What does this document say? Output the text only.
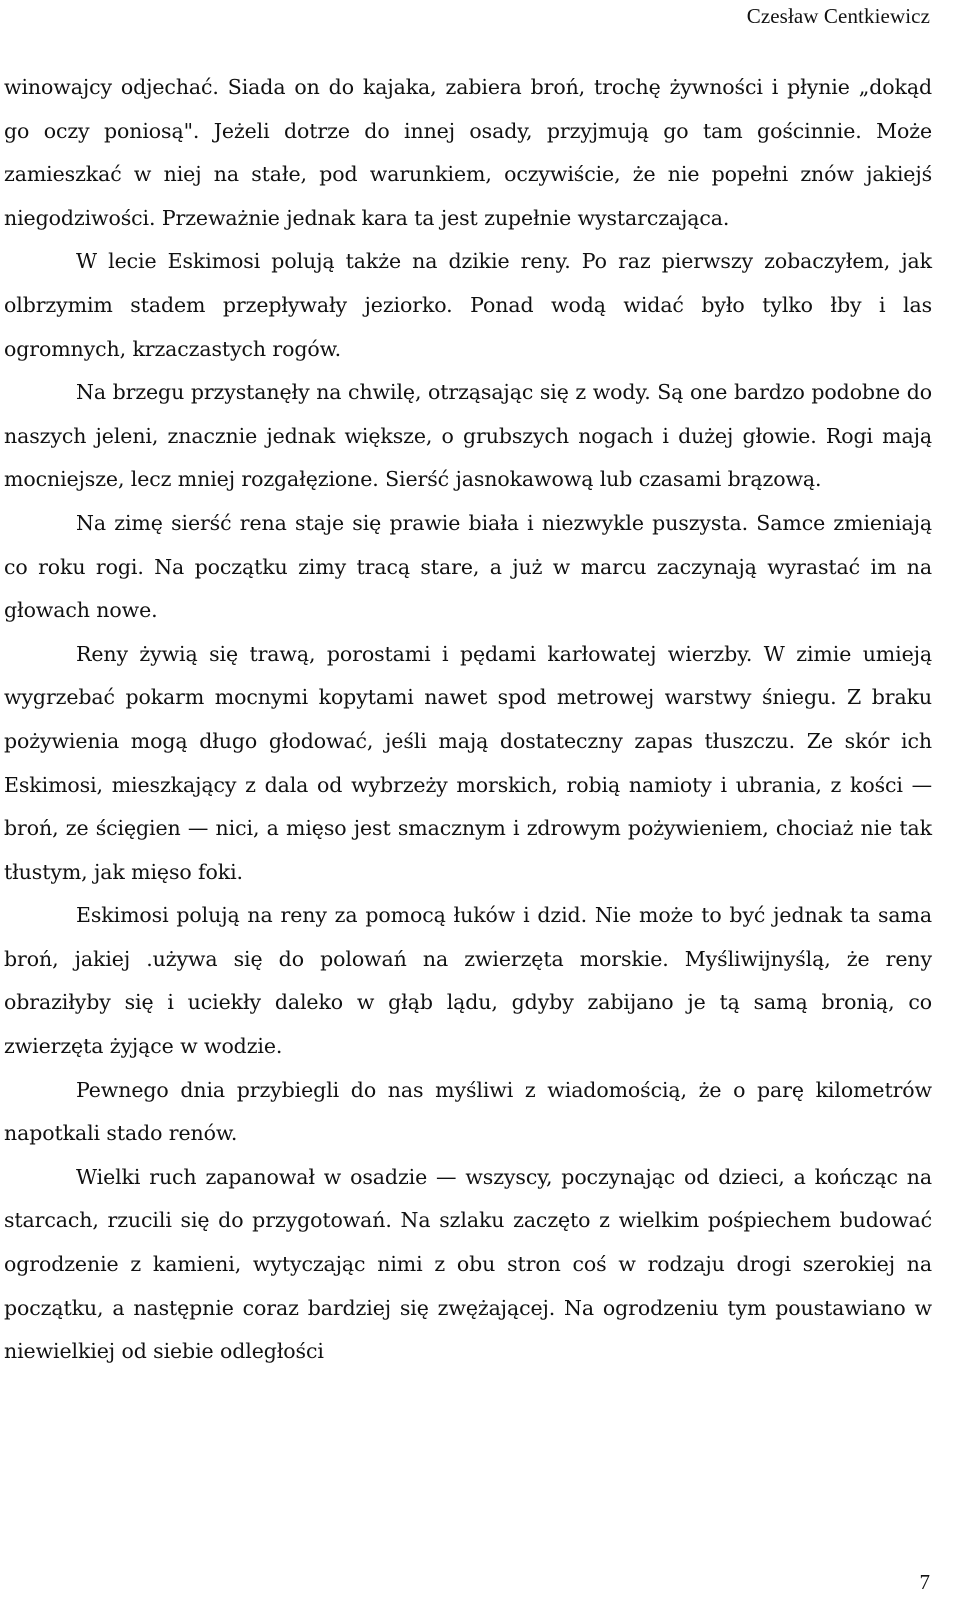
Czesław Centkiewicz

winowajcy odjechać. Siada on do kajaka, zabiera broń, trochę żywności i płynie „dokąd go oczy poniosą". Jeżeli dotrze do innej osady, przyjmują go tam gościnnie. Może zamieszkać w niej na stałe, pod warunkiem, oczywiście, że nie popełni znów jakiejś niegodziwości. Przeważnie jednak kara ta jest zupełnie wystarczająca.

W lecie Eskimosi polują także na dzikie reny. Po raz pierwszy zobaczyłem, jak olbrzymim stadem przepływały jeziorko. Ponad wodą widać było tylko łby i las ogromnych, krzaczastych rogów.

Na brzegu przystanęły na chwilę, otrząsając się z wody. Są one bardzo podobne do naszych jeleni, znacznie jednak większe, o grubszych nogach i dużej głowie. Rogi mają mocniejsze, lecz mniej rozgałęzione. Sierść jasnokawową lub czasami brązową.

Na zimę sierść rena staje się prawie biała i niezwykle puszysta. Samce zmieniają co roku rogi. Na początku zimy tracą stare, a już w marcu zaczynają wyrastać im na głowach nowe.

Reny żywią się trawą, porostami i pędami karłowatej wierzby. W zimie umieją wygrzebać pokarm mocnymi kopytami nawet spod metrowej warstwy śniegu. Z braku pożywienia mogą długo głodować, jeśli mają dostateczny zapas tłuszczu. Ze skór ich Eskimosi, mieszkający z dala od wybrzeży morskich, robią namioty i ubrania, z kości — broń, ze ścięgien — nici, a mięso jest smacznym i zdrowym pożywieniem, chociaż nie tak tłustym, jak mięso foki.

Eskimosi polują na reny za pomocą łuków i dzid. Nie może to być jednak ta sama broń, jakiej .używa się do polowań na zwierzęta morskie. Myśliwijnyślą, że reny obraziłyby się i uciekły daleko w głąb lądu, gdyby zabijano je tą samą bronią, co zwierzęta żyjące w wodzie.

Pewnego dnia przybiegli do nas myśliwi z wiadomością, że o parę kilometrów napotkali stado renów.

Wielki ruch zapanował w osadzie — wszyscy, poczynając od dzieci, a kończąc na starcach, rzucili się do przygotowań. Na szlaku zaczęto z wielkim pośpiechem budować ogrodzenie z kamieni, wytyczając nimi z obu stron coś w rodzaju drogi szerokiej na początku, a następnie coraz bardziej się zwężającej. Na ogrodzeniu tym poustawiano w niewielkiej od siebie odległości

7
